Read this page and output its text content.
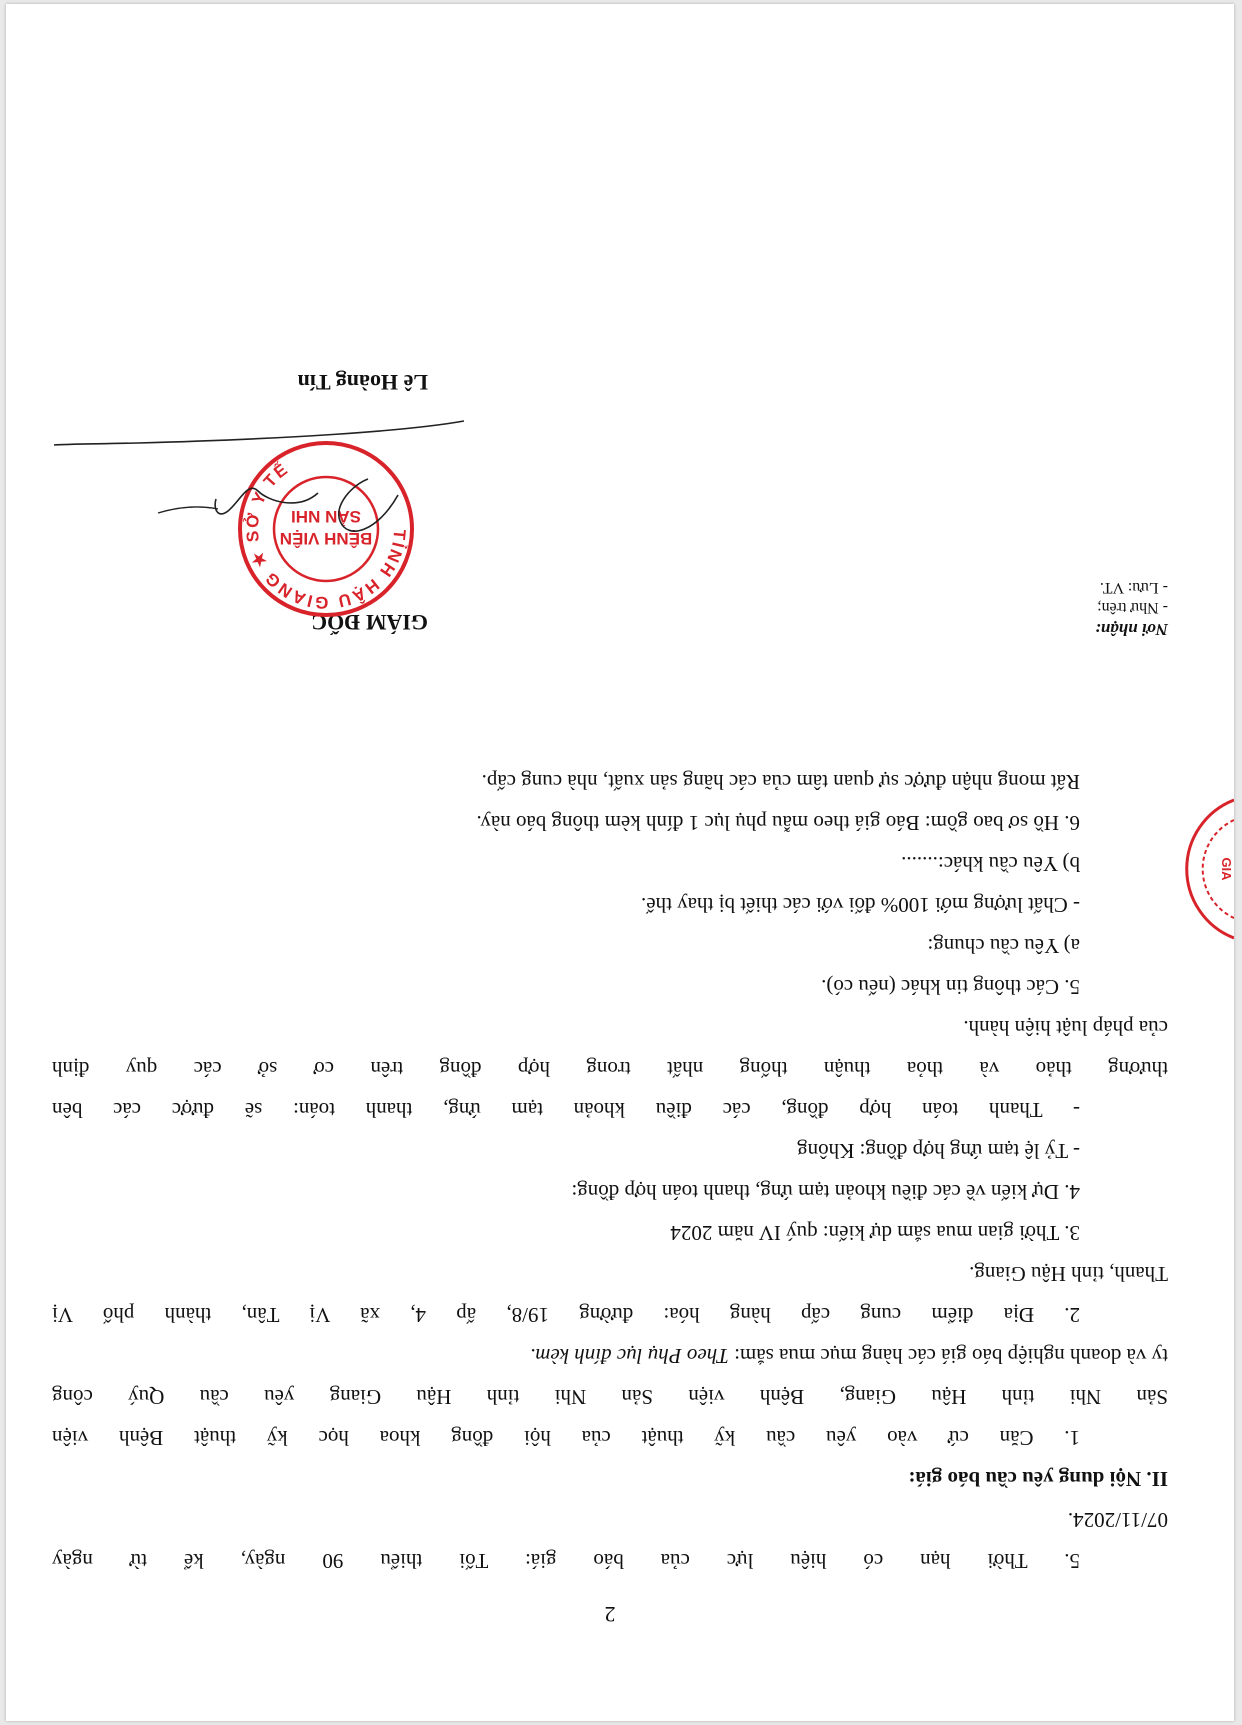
2
5. Thời hạn có hiệu lực của báo giá: Tối thiểu 90 ngày, kể từ ngày
07/11/2024.
II. Nội dung yêu cầu báo giá:
1. Căn cứ vào yêu cầu kỹ thuật của hội đồng khoa học kỹ thuật Bệnh viện
Sản Nhi tỉnh Hậu Giang, Bệnh viện Sản Nhi tỉnh Hậu Giang yêu cầu Quý công
ty và doanh nghiệp báo giá các hàng mục mua sắm: Theo Phụ lục đính kèm.
2. Địa điểm cung cấp hàng hóa: đường 19/8, ấp 4, xã Vị Tân, thành phố Vị
Thanh, tỉnh Hậu Giang.
3. Thời gian mua sắm dự kiến: quý IV năm 2024
4. Dự kiến về các điều khoản tạm ứng, thanh toán hợp đồng:
- Tỷ lệ tạm ứng hợp đồng: Không
- Thanh toán hợp đồng, các điều khoản tạm ứng, thanh toán: sẽ được các bên
thương thảo và thỏa thuận thống nhất trong hợp đồng trên cơ sở các quy định
của pháp luật hiện hành.
5. Các thông tin khác (nếu có).
a) Yêu cầu chung:
- Chất lượng mới 100% đối với các thiết bị thay thế.
b) Yêu cầu khác:.......
6. Hồ sơ bao gồm: Báo giá theo mẫu phụ lục 1 đính kèm thông báo này.
Rất mong nhận được sự quan tâm của các hãng sản xuất, nhà cung cấp.
Nơi nhận:
- Như trên;
- Lưu: VT.
GIÁM ĐỐC
TỈNH HẬU GIANG ★ SỞ Y TẾ
BỆNH VIỆN
SẢN NHI
Lê Hoàng Tín
GIA
